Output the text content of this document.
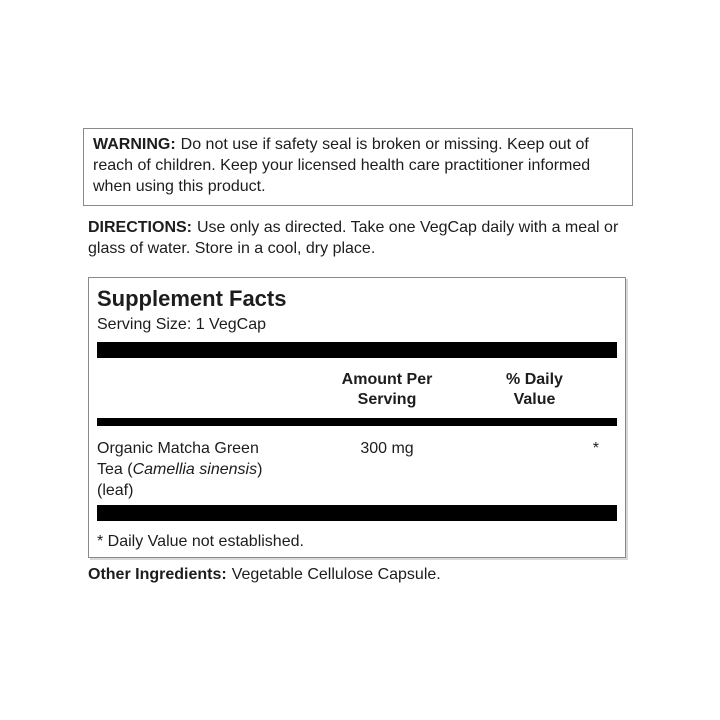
WARNING: Do not use if safety seal is broken or missing. Keep out of reach of children. Keep your licensed health care practitioner informed when using this product.
DIRECTIONS: Use only as directed. Take one VegCap daily with a meal or glass of water. Store in a cool, dry place.
Supplement Facts
Serving Size: 1 VegCap
Amount Per
Serving
% Daily
Value
Organic Matcha Green
Tea (Camellia sinensis)
(leaf)
300 mg	*
* Daily Value not established.
Other Ingredients: Vegetable Cellulose Capsule.
